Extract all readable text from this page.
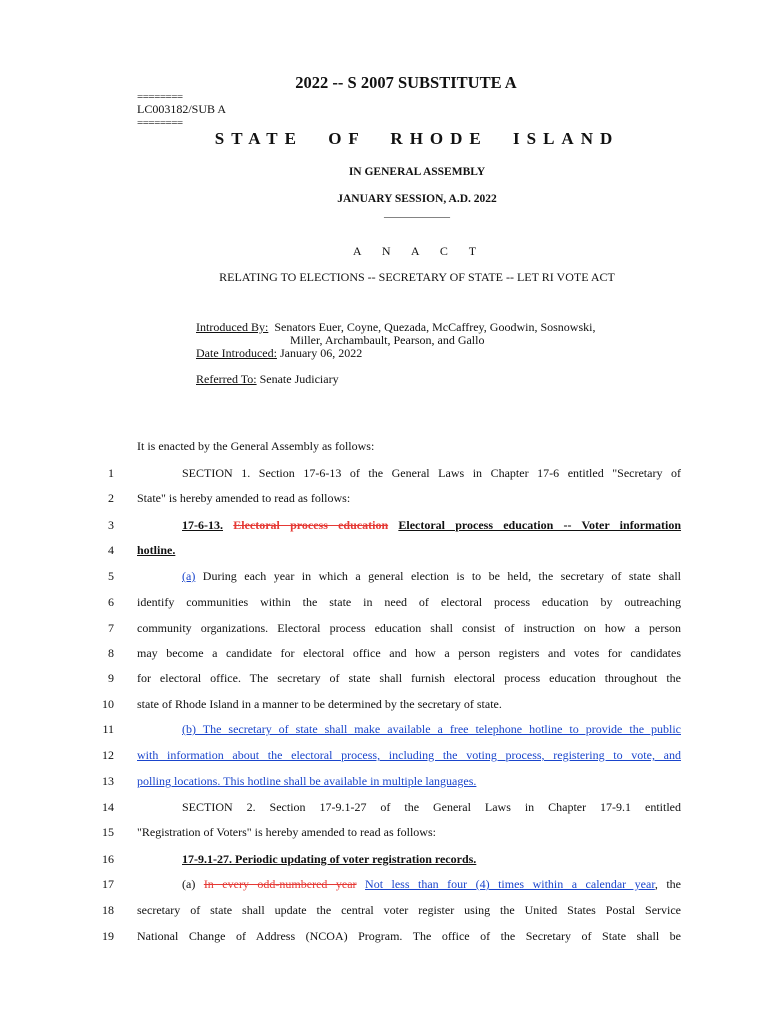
2022 -- S 2007 SUBSTITUTE A
========
LC003182/SUB A
========
STATE OF RHODE ISLAND
IN GENERAL ASSEMBLY
JANUARY SESSION, A.D. 2022
____________
A N A C T
RELATING TO ELECTIONS -- SECRETARY OF STATE -- LET RI VOTE ACT
Introduced By: Senators Euer, Coyne, Quezada, McCaffrey, Goodwin, Sosnowski,
Miller, Archambault, Pearson, and Gallo
Date Introduced: January 06, 2022
Referred To: Senate Judiciary
It is enacted by the General Assembly as follows:
1
2
3
4
5
6
7
8
9
10
11
12
13
14
15
16
17
18
19
SECTION 1. Section 17-6-13 of the General Laws in Chapter 17-6 entitled "Secretary of
State" is hereby amended to read as follows:
17-6-13. Electoral process education Electoral process education -- Voter information
hotline.
(a) During each year in which a general election is to be held, the secretary of state shall
identify communities within the state in need of electoral process education by outreaching
community organizations. Electoral process education shall consist of instruction on how a person
may become a candidate for electoral office and how a person registers and votes for candidates
for electoral office. The secretary of state shall furnish electoral process education throughout the
state of Rhode Island in a manner to be determined by the secretary of state.
(b) The secretary of state shall make available a free telephone hotline to provide the public
with information about the electoral process, including the voting process, registering to vote, and
polling locations. This hotline shall be available in multiple languages.
SECTION 2. Section 17-9.1-27 of the General Laws in Chapter 17-9.1 entitled
"Registration of Voters" is hereby amended to read as follows:
17-9.1-27. Periodic updating of voter registration records.
(a) In every odd-numbered year Not less than four (4) times within a calendar year, the
secretary of state shall update the central voter register using the United States Postal Service
National Change of Address (NCOA) Program. The office of the Secretary of State shall be
